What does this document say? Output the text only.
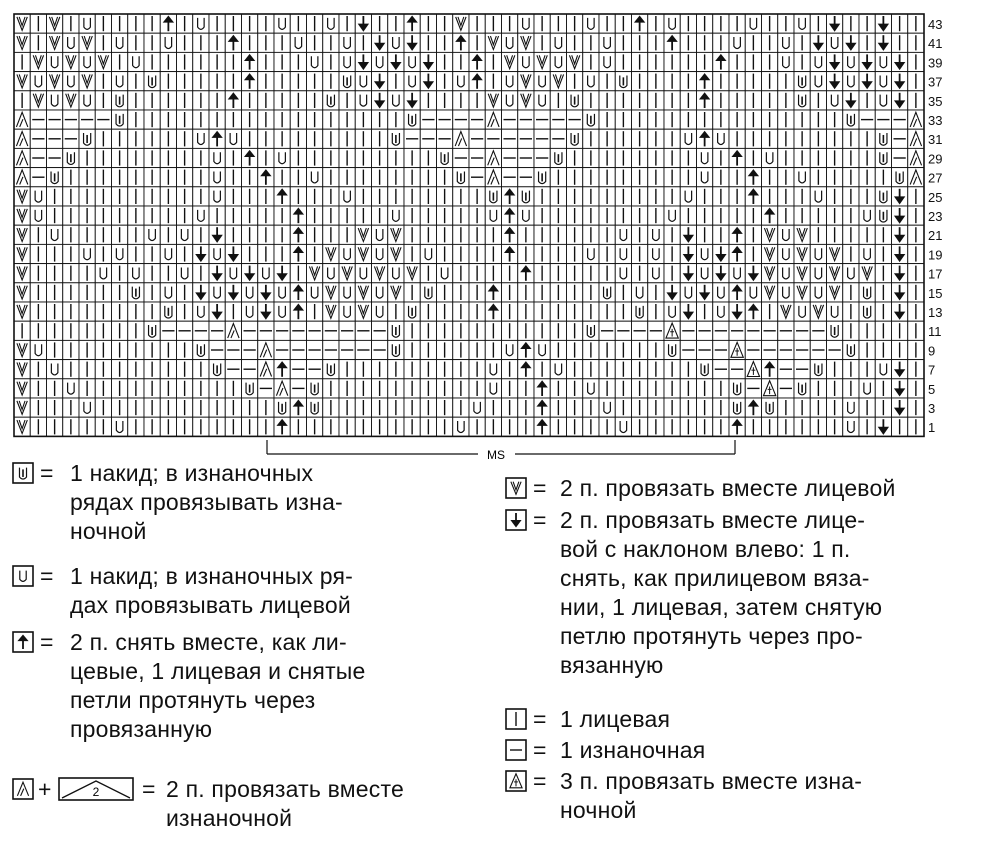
43
41
39
37
35
33
31
29
27
25
23
21
19
17
15
13
11
9
7
5
3
1
MS
= 1 накид; в изнаночных
рядах провязывать изна-
ночной
= 1 накид; в изнаночных ря-
дах провязывать лицевой
= 2 п. снять вместе, как ли-
цевые, 1 лицевая и снятые
петли протянуть через
провязанную
+	2 = 2 п. провязать вместе
изнаночной
= 2 п. провязать вместе лицевой
= 2 п. провязать вместе лице-
вой с наклоном влево: 1 п.
снять, как прилицевом вяза-
нии, 1 лицевая, затем снятую
петлю протянуть через про-
вязанную
= 1 лицевая
= 1 изнаночная
= 3 п. провязать вместе изна-
ночной
